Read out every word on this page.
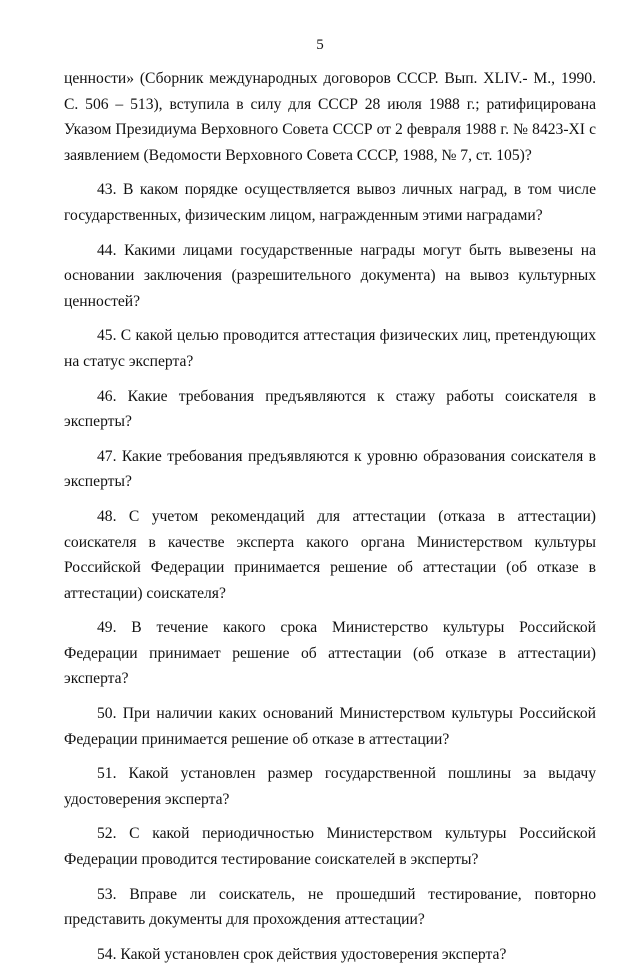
5

ценности» (Сборник международных договоров СССР. Вып. XLIV.- М., 1990. С. 506 – 513), вступила в силу для СССР 28 июля 1988 г.; ратифицирована Указом Президиума Верховного Совета СССР от 2 февраля 1988 г. № 8423-XI с заявлением (Ведомости Верховного Совета СССР, 1988, № 7, ст. 105)?

43. В каком порядке осуществляется вывоз личных наград, в том числе государственных, физическим лицом, награжденным этими наградами?

44. Какими лицами государственные награды могут быть вывезены на основании заключения (разрешительного документа) на вывоз культурных ценностей?

45. С какой целью проводится аттестация физических лиц, претендующих на статус эксперта?

46. Какие требования предъявляются к стажу работы соискателя в эксперты?

47. Какие требования предъявляются к уровню образования соискателя в эксперты?

48. С учетом рекомендаций для аттестации (отказа в аттестации) соискателя в качестве эксперта какого органа Министерством культуры Российской Федерации принимается решение об аттестации (об отказе в аттестации) соискателя?

49. В течение какого срока Министерство культуры Российской Федерации принимает решение об аттестации (об отказе в аттестации) эксперта?

50. При наличии каких оснований Министерством культуры Российской Федерации принимается решение об отказе в аттестации?

51. Какой установлен размер государственной пошлины за выдачу удостоверения эксперта?

52. С какой периодичностью Министерством культуры Российской Федерации проводится тестирование соискателей в эксперты?

53. Вправе ли соискатель, не прошедший тестирование, повторно представить документы для прохождения аттестации?

54. Какой установлен срок действия удостоверения эксперта?
